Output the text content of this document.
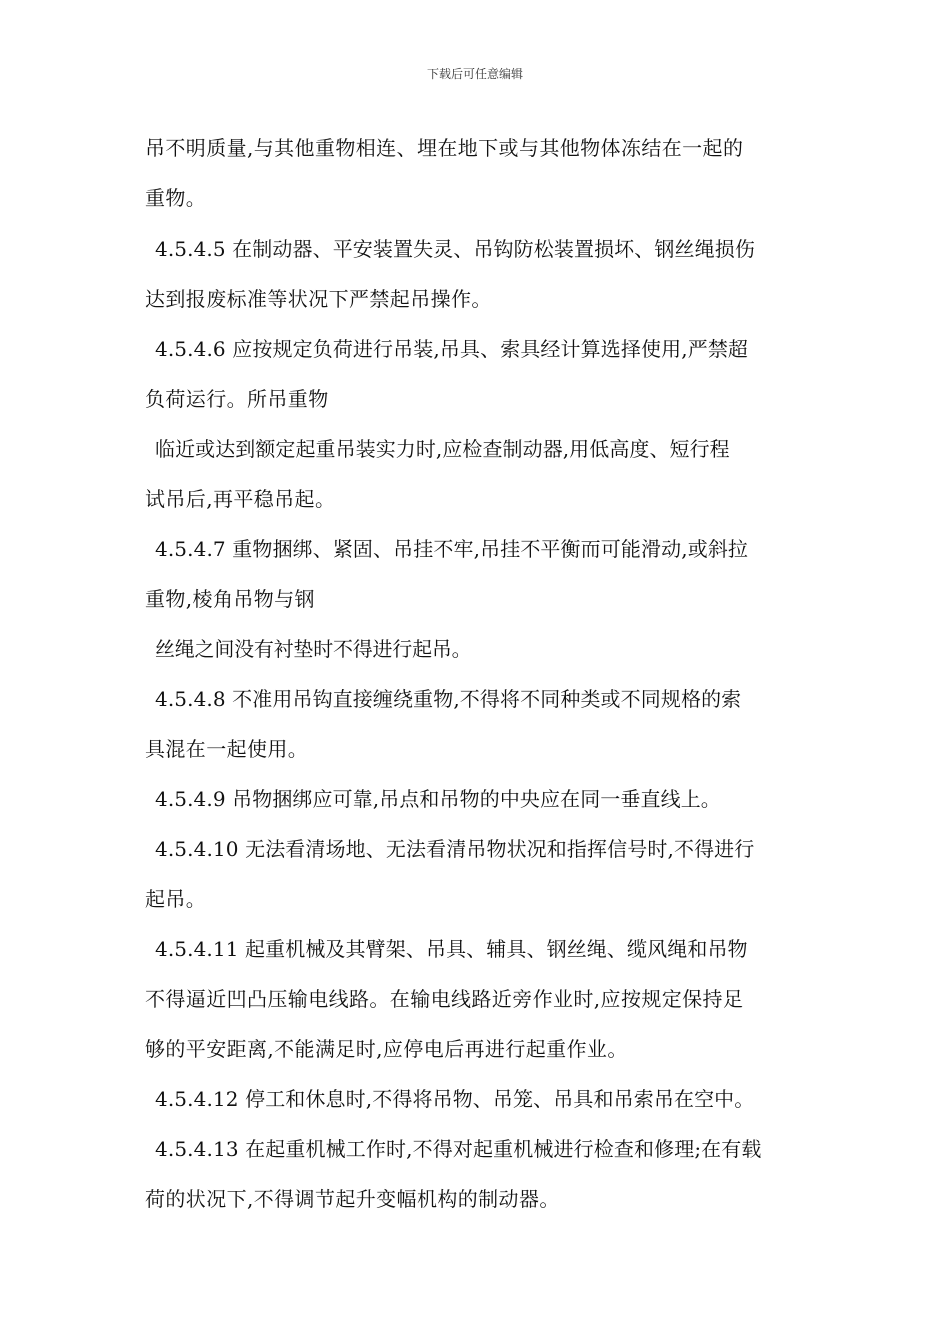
下载后可任意编辑
吊不明质量,与其他重物相连、埋在地下或与其他物体冻结在一起的
重物。
4.5.4.5 在制动器、平安装置失灵、吊钩防松装置损坏、钢丝绳损伤
达到报废标准等状况下严禁起吊操作。
4.5.4.6 应按规定负荷进行吊装,吊具、索具经计算选择使用,严禁超
负荷运行。所吊重物
临近或达到额定起重吊装实力时,应检查制动器,用低高度、短行程
试吊后,再平稳吊起。
4.5.4.7 重物捆绑、紧固、吊挂不牢,吊挂不平衡而可能滑动,或斜拉
重物,棱角吊物与钢
丝绳之间没有衬垫时不得进行起吊。
4.5.4.8 不准用吊钩直接缠绕重物,不得将不同种类或不同规格的索
具混在一起使用。
4.5.4.9 吊物捆绑应可靠,吊点和吊物的中央应在同一垂直线上。
4.5.4.10 无法看清场地、无法看清吊物状况和指挥信号时,不得进行
起吊。
4.5.4.11 起重机械及其臂架、吊具、辅具、钢丝绳、缆风绳和吊物
不得逼近凹凸压输电线路。在输电线路近旁作业时,应按规定保持足
够的平安距离,不能满足时,应停电后再进行起重作业。
4.5.4.12 停工和休息时,不得将吊物、吊笼、吊具和吊索吊在空中。
4.5.4.13 在起重机械工作时,不得对起重机械进行检查和修理;在有载
荷的状况下,不得调节起升变幅机构的制动器。
